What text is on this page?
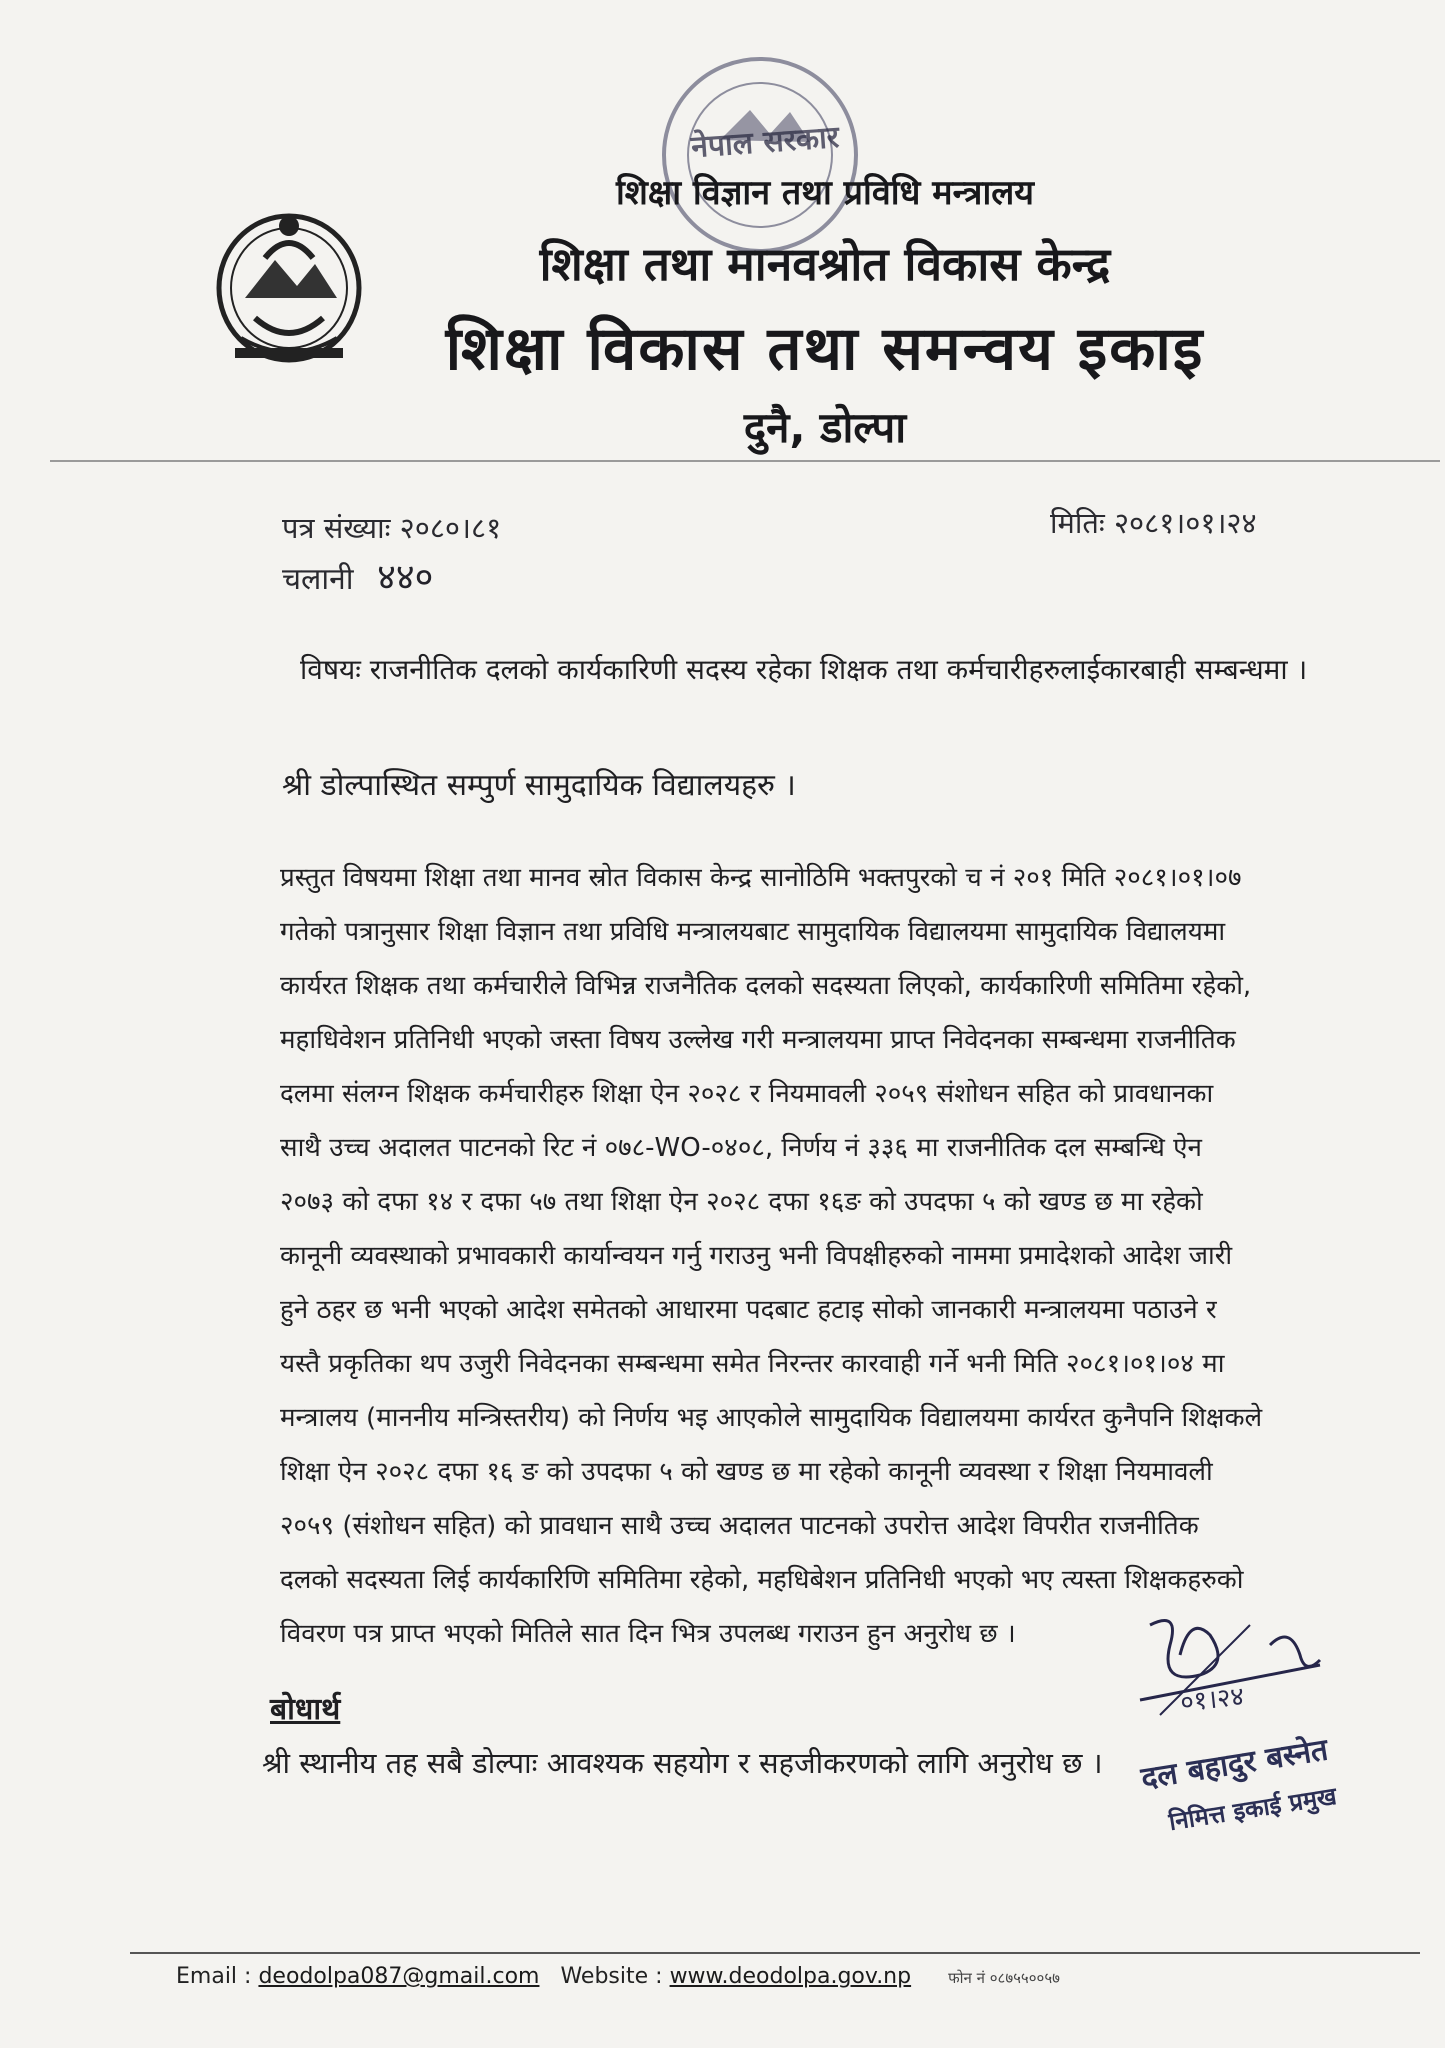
नेपाल सरकार
शिक्षा विज्ञान तथा प्रविधि मन्त्रालय
शिक्षा तथा मानवश्रोत विकास केन्द्र
शिक्षा विकास तथा समन्वय इकाइ
दुनै, डोल्पा
पत्र संख्याः २०८०।८१
चलानी ४४०
मितिः २०८१।०१।२४
विषयः राजनीतिक दलको कार्यकारिणी सदस्य रहेका शिक्षक तथा कर्मचारीहरुलाईकारबाही सम्बन्धमा ।
श्री डोल्पास्थित सम्पुर्ण सामुदायिक विद्यालयहरु ।
प्रस्तुत विषयमा शिक्षा तथा मानव स्रोत विकास केन्द्र सानोठिमि भक्तपुरको च नं २०१ मिति २०८१।०१।०७
गतेको पत्रानुसार शिक्षा विज्ञान तथा प्रविधि मन्त्रालयबाट सामुदायिक विद्यालयमा सामुदायिक विद्यालयमा
कार्यरत शिक्षक तथा कर्मचारीले विभिन्न राजनैतिक दलको सदस्यता लिएको, कार्यकारिणी समितिमा रहेको,
महाधिवेशन प्रतिनिधी भएको जस्ता विषय उल्लेख गरी मन्त्रालयमा प्राप्त निवेदनका सम्बन्धमा राजनीतिक
दलमा संलग्न शिक्षक कर्मचारीहरु शिक्षा ऐन २०२८ र नियमावली २०५९ संशोधन सहित को प्रावधानका
साथै उच्च अदालत पाटनको रिट नं ०७८-WO-०४०८, निर्णय नं ३३६ मा राजनीतिक दल सम्बन्धि ऐन
२०७३ को दफा १४ र दफा ५७ तथा शिक्षा ऐन २०२८ दफा १६ङ को उपदफा ५ को खण्ड छ मा रहेको
कानूनी व्यवस्थाको प्रभावकारी कार्यान्वयन गर्नु गराउनु भनी विपक्षीहरुको नाममा प्रमादेशको आदेश जारी
हुने ठहर छ भनी भएको आदेश समेतको आधारमा पदबाट हटाइ सोको जानकारी मन्त्रालयमा पठाउने र
यस्तै प्रकृतिका थप उजुरी निवेदनका सम्बन्धमा समेत निरन्तर कारवाही गर्ने भनी मिति २०८१।०१।०४ मा
मन्त्रालय (माननीय मन्त्रिस्तरीय) को निर्णय भइ आएकोले सामुदायिक विद्यालयमा कार्यरत कुनैपनि शिक्षकले
शिक्षा ऐन २०२८ दफा १६ ङ को उपदफा ५ को खण्ड छ मा रहेको कानूनी व्यवस्था र शिक्षा नियमावली
२०५९ (संशोधन सहित) को प्रावधान साथै उच्च अदालत पाटनको उपरोत्त आदेश विपरीत राजनीतिक
दलको सदस्यता लिई कार्यकारिणि समितिमा रहेको, महधिबेशन प्रतिनिधी भएको भए त्यस्ता शिक्षकहरुको
विवरण पत्र प्राप्त भएको मितिले सात दिन भित्र उपलब्ध गराउन हुन अनुरोध छ ।
बोधार्थ
श्री स्थानीय तह सबै डोल्पाः आवश्यक सहयोग र सहजीकरणको लागि अनुरोध छ ।
०१।२४
दल बहादुर बस्नेत
निमित्त इकाई प्रमुख
Email : deodolpa087@gmail.com Website : www.deodolpa.gov.np फोन नं ०८७५५००५७
